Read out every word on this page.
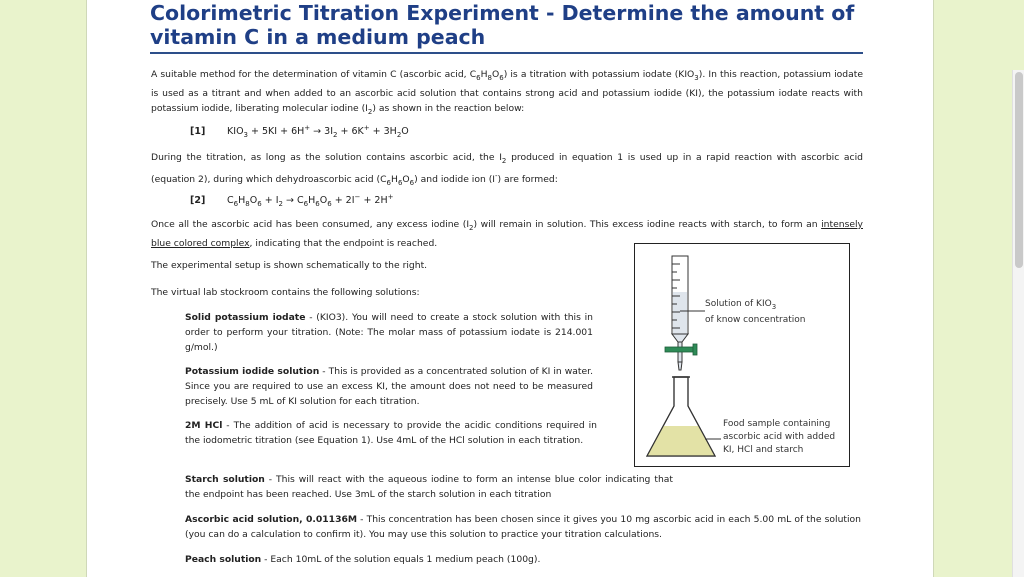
Colorimetric Titration Experiment - Determine the amount of vitamin C in a medium peach

A suitable method for the determination of vitamin C (ascorbic acid, $C_6H_8O_6$) is a titration with potassium iodate $(KIO_3)$. In this reaction, potassium iodate is used as a titrant and when added to an ascorbic acid solution that contains strong acid and potassium iodide (KI), the potassium iodate reacts with potassium iodide, liberating molecular iodine $(I_2)$ as shown in the reaction below:

[1] $KIO_3 + 5KI + 6H^+ \to 3I_2 + 6K^+ + 3H_2O$

During the titration, as long as the solution contains ascorbic acid, the $I_2$ produced in equation 1 is used up in a rapid reaction with ascorbic acid (equation 2), during which dehydroascorbic acid $(C_6H_6O_6)$ and iodide ion (I-) are formed:

[2] $C_6H_8O_6 + I_2 \to C_6H_6O_6 + 2I^- + 2H^+$

Once all the ascorbic acid has been consumed, any excess iodine $(I_2)$ will remain in solution. This excess iodine reacts with starch, to form an intensely blue colored complex, indicating that the endpoint is reached.

The experimental setup is shown schematically to the right.

The virtual lab stockroom contains the following solutions:

Solid potassium iodate - (KIO3). You will need to create a stock solution with this in order to perform your titration. (Note: The molar mass of potassium iodate is 214.001 g/mol.)

Potassium iodide solution - This is provided as a concentrated solution of KI in water. Since you are required to use an excess KI, the amount does not need to be measured precisely. Use 5 mL of KI solution for each titration.

2M HCl - The addition of acid is necessary to provide the acidic conditions required in the iodometric titration (see Equation 1). Use 4mL of the HCl solution in each titration.

Starch solution - This will react with the aqueous iodine to form an intense blue color indicating that the endpoint has been reached. Use 3mL of the starch solution in each titration

Ascorbic acid solution, 0.01136M - This concentration has been chosen since it gives you 10 mg ascorbic acid in each 5.00 mL of the solution (you can do a calculation to confirm it). You may use this solution to practice your titration calculations.

Peach solution - Each 10mL of the solution equals 1 medium peach (100g).

Solution of $KIO_3$
of know concentration
Food sample containing
ascorbic acid with added
KI, HCl and starch
